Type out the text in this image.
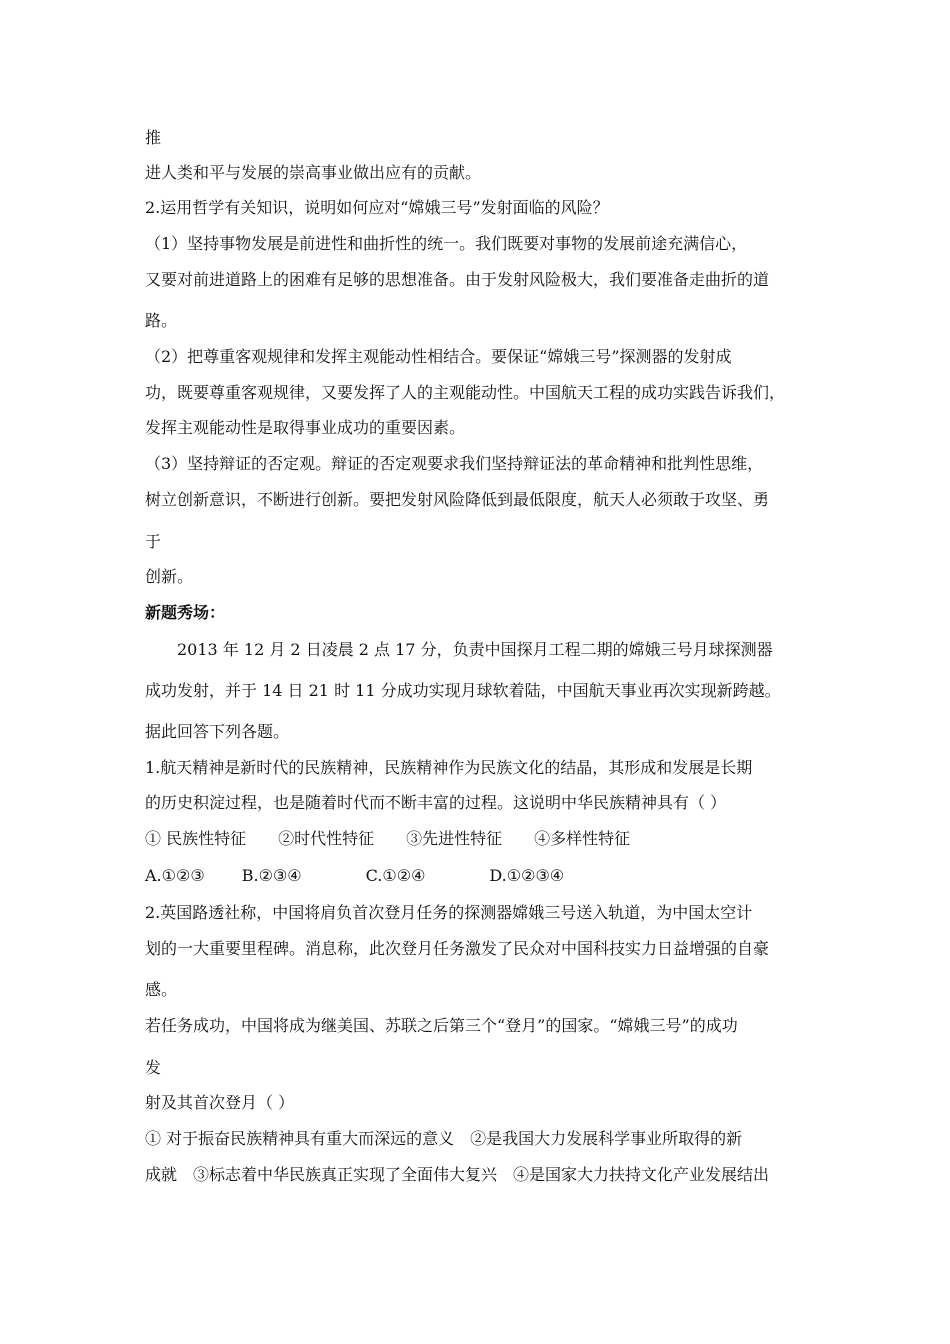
推
进人类和平与发展的崇高事业做出应有的贡献。
2.运用哲学有关知识，说明如何应对“嫦娥三号”发射面临的风险？
（1）坚持事物发展是前进性和曲折性的统一。我们既要对事物的发展前途充满信心，
又要对前进道路上的困难有足够的思想准备。由于发射风险极大，我们要准备走曲折的道
路。
（2）把尊重客观规律和发挥主观能动性相结合。要保证“嫦娥三号”探测器的发射成
功，既要尊重客观规律，又要发挥了人的主观能动性。中国航天工程的成功实践告诉我们，
发挥主观能动性是取得事业成功的重要因素。
（3）坚持辩证的否定观。辩证的否定观要求我们坚持辩证法的革命精神和批判性思维，
树立创新意识，不断进行创新。要把发射风险降低到最低限度，航天人必须敢于攻坚、勇
于
创新。
新题秀场：
2013 年 12 月 2 日凌晨 2 点 17 分，负责中国探月工程二期的嫦娥三号月球探测器
成功发射，并于 14 日 21 时 11 分成功实现月球软着陆，中国航天事业再次实现新跨越。
据此回答下列各题。
1.航天精神是新时代的民族精神，民族精神作为民族文化的结晶，其形成和发展是长期
的历史积淀过程，也是随着时代而不断丰富的过程。这说明中华民族精神具有（ ）
① 民族性特征　　②时代性特征　　③先进性特征　　④多样性特征
A.①②③　　 B.②③④　　　　C.①②④　　　　D.①②③④
2.英国路透社称，中国将肩负首次登月任务的探测器嫦娥三号送入轨道，为中国太空计
划的一大重要里程碑。消息称，此次登月任务激发了民众对中国科技实力日益增强的自豪
感。
若任务成功，中国将成为继美国、苏联之后第三个“登月”的国家。“嫦娥三号”的成功
发
射及其首次登月（ ）
① 对于振奋民族精神具有重大而深远的意义　②是我国大力发展科学事业所取得的新
成就　③标志着中华民族真正实现了全面伟大复兴　④是国家大力扶持文化产业发展结出
